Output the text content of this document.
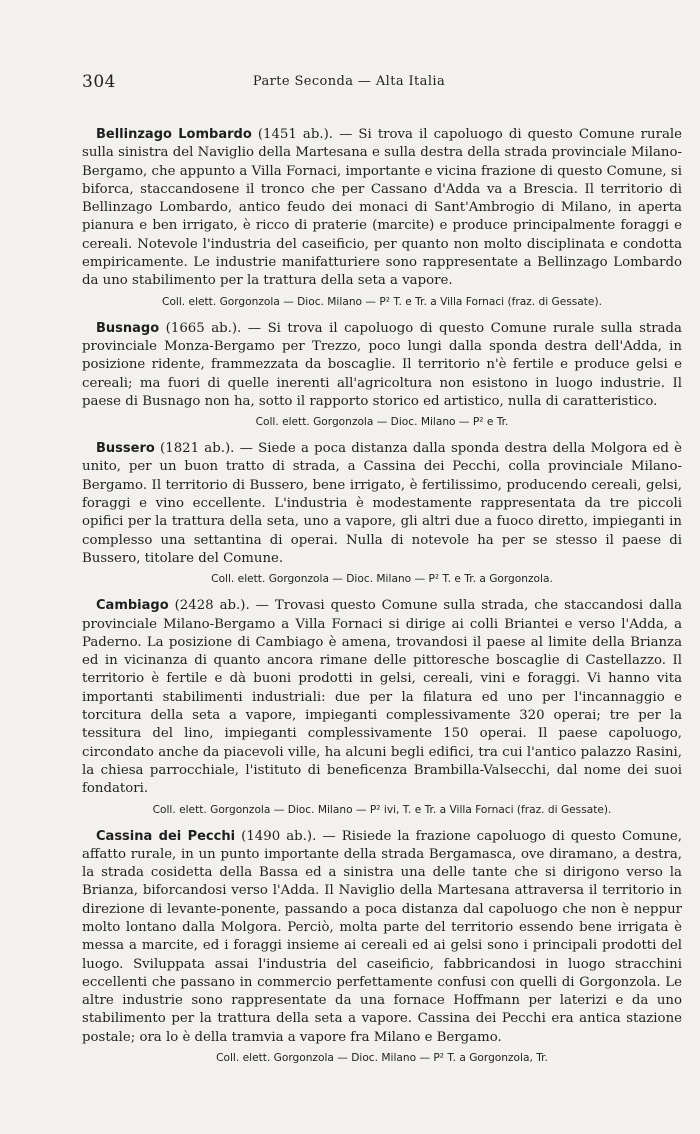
304	Parte Seconda — Alta Italia

Bellinzago Lombardo (1451 ab.). — Si trova il capoluogo di questo Comune rurale sulla sinistra del Naviglio della Martesana e sulla destra della strada provinciale Milano-Bergamo, che appunto a Villa Fornaci, importante e vicina frazione di questo Comune, si biforca, staccandosene il tronco che per Cassano d'Adda va a Brescia. Il territorio di Bellinzago Lombardo, antico feudo dei monaci di Sant'Ambrogio di Milano, in aperta pianura e ben irrigato, è ricco di praterie (marcite) e produce principalmente foraggi e cereali. Notevole l'industria del caseificio, per quanto non molto disciplinata e condotta empiricamente. Le industrie manifatturiere sono rappresentate a Bellinzago Lombardo da uno stabilimento per la trattura della seta a vapore.

Coll. elett. Gorgonzola — Dioc. Milano — P² T. e Tr. a Villa Fornaci (fraz. di Gessate).

Busnago (1665 ab.). — Si trova il capoluogo di questo Comune rurale sulla strada provinciale Monza-Bergamo per Trezzo, poco lungi dalla sponda destra dell'Adda, in posizione ridente, frammezzata da boscaglie. Il territorio n'è fertile e produce gelsi e cereali; ma fuori di quelle inerenti all'agricoltura non esistono in luogo industrie. Il paese di Busnago non ha, sotto il rapporto storico ed artistico, nulla di caratteristico.

Coll. elett. Gorgonzola — Dioc. Milano — P² e Tr.

Bussero (1821 ab.). — Siede a poca distanza dalla sponda destra della Molgora ed è unito, per un buon tratto di strada, a Cassina dei Pecchi, colla provinciale Milano-Bergamo. Il territorio di Bussero, bene irrigato, è fertilissimo, producendo cereali, gelsi, foraggi e vino eccellente. L'industria è modestamente rappresentata da tre piccoli opifici per la trattura della seta, uno a vapore, gli altri due a fuoco diretto, impieganti in complesso una settantina di operai. Nulla di notevole ha per se stesso il paese di Bussero, titolare del Comune.

Coll. elett. Gorgonzola — Dioc. Milano — P² T. e Tr. a Gorgonzola.

Cambiago (2428 ab.). — Trovasi questo Comune sulla strada, che staccandosi dalla provinciale Milano-Bergamo a Villa Fornaci si dirige ai colli Briantei e verso l'Adda, a Paderno. La posizione di Cambiago è amena, trovandosi il paese al limite della Brianza ed in vicinanza di quanto ancora rimane delle pittoresche boscaglie di Castellazzo. Il territorio è fertile e dà buoni prodotti in gelsi, cereali, vini e foraggi. Vi hanno vita importanti stabilimenti industriali: due per la filatura ed uno per l'incannaggio e torcitura della seta a vapore, impieganti complessivamente 320 operai; tre per la tessitura del lino, impieganti complessivamente 150 operai. Il paese capoluogo, circondato anche da piacevoli ville, ha alcuni begli edifici, tra cui l'antico palazzo Rasini, la chiesa parrocchiale, l'istituto di beneficenza Brambilla-Valsecchi, dal nome dei suoi fondatori.

Coll. elett. Gorgonzola — Dioc. Milano — P² ivi, T. e Tr. a Villa Fornaci (fraz. di Gessate).

Cassina dei Pecchi (1490 ab.). — Risiede la frazione capoluogo di questo Comune, affatto rurale, in un punto importante della strada Bergamasca, ove diramano, a destra, la strada cosidetta della Bassa ed a sinistra una delle tante che si dirigono verso la Brianza, biforcandosi verso l'Adda. Il Naviglio della Martesana attraversa il territorio in direzione di levante-ponente, passando a poca distanza dal capoluogo che non è neppur molto lontano dalla Molgora. Perciò, molta parte del territorio essendo bene irrigata è messa a marcite, ed i foraggi insieme ai cereali ed ai gelsi sono i principali prodotti del luogo. Sviluppata assai l'industria del caseificio, fabbricandosi in luogo stracchini eccellenti che passano in commercio perfettamente confusi con quelli di Gorgonzola. Le altre industrie sono rappresentate da una fornace Hoffmann per laterizi e da uno stabilimento per la trattura della seta a vapore. Cassina dei Pecchi era antica stazione postale; ora lo è della tramvia a vapore fra Milano e Bergamo.

Coll. elett. Gorgonzola — Dioc. Milano — P² T. a Gorgonzola, Tr.
